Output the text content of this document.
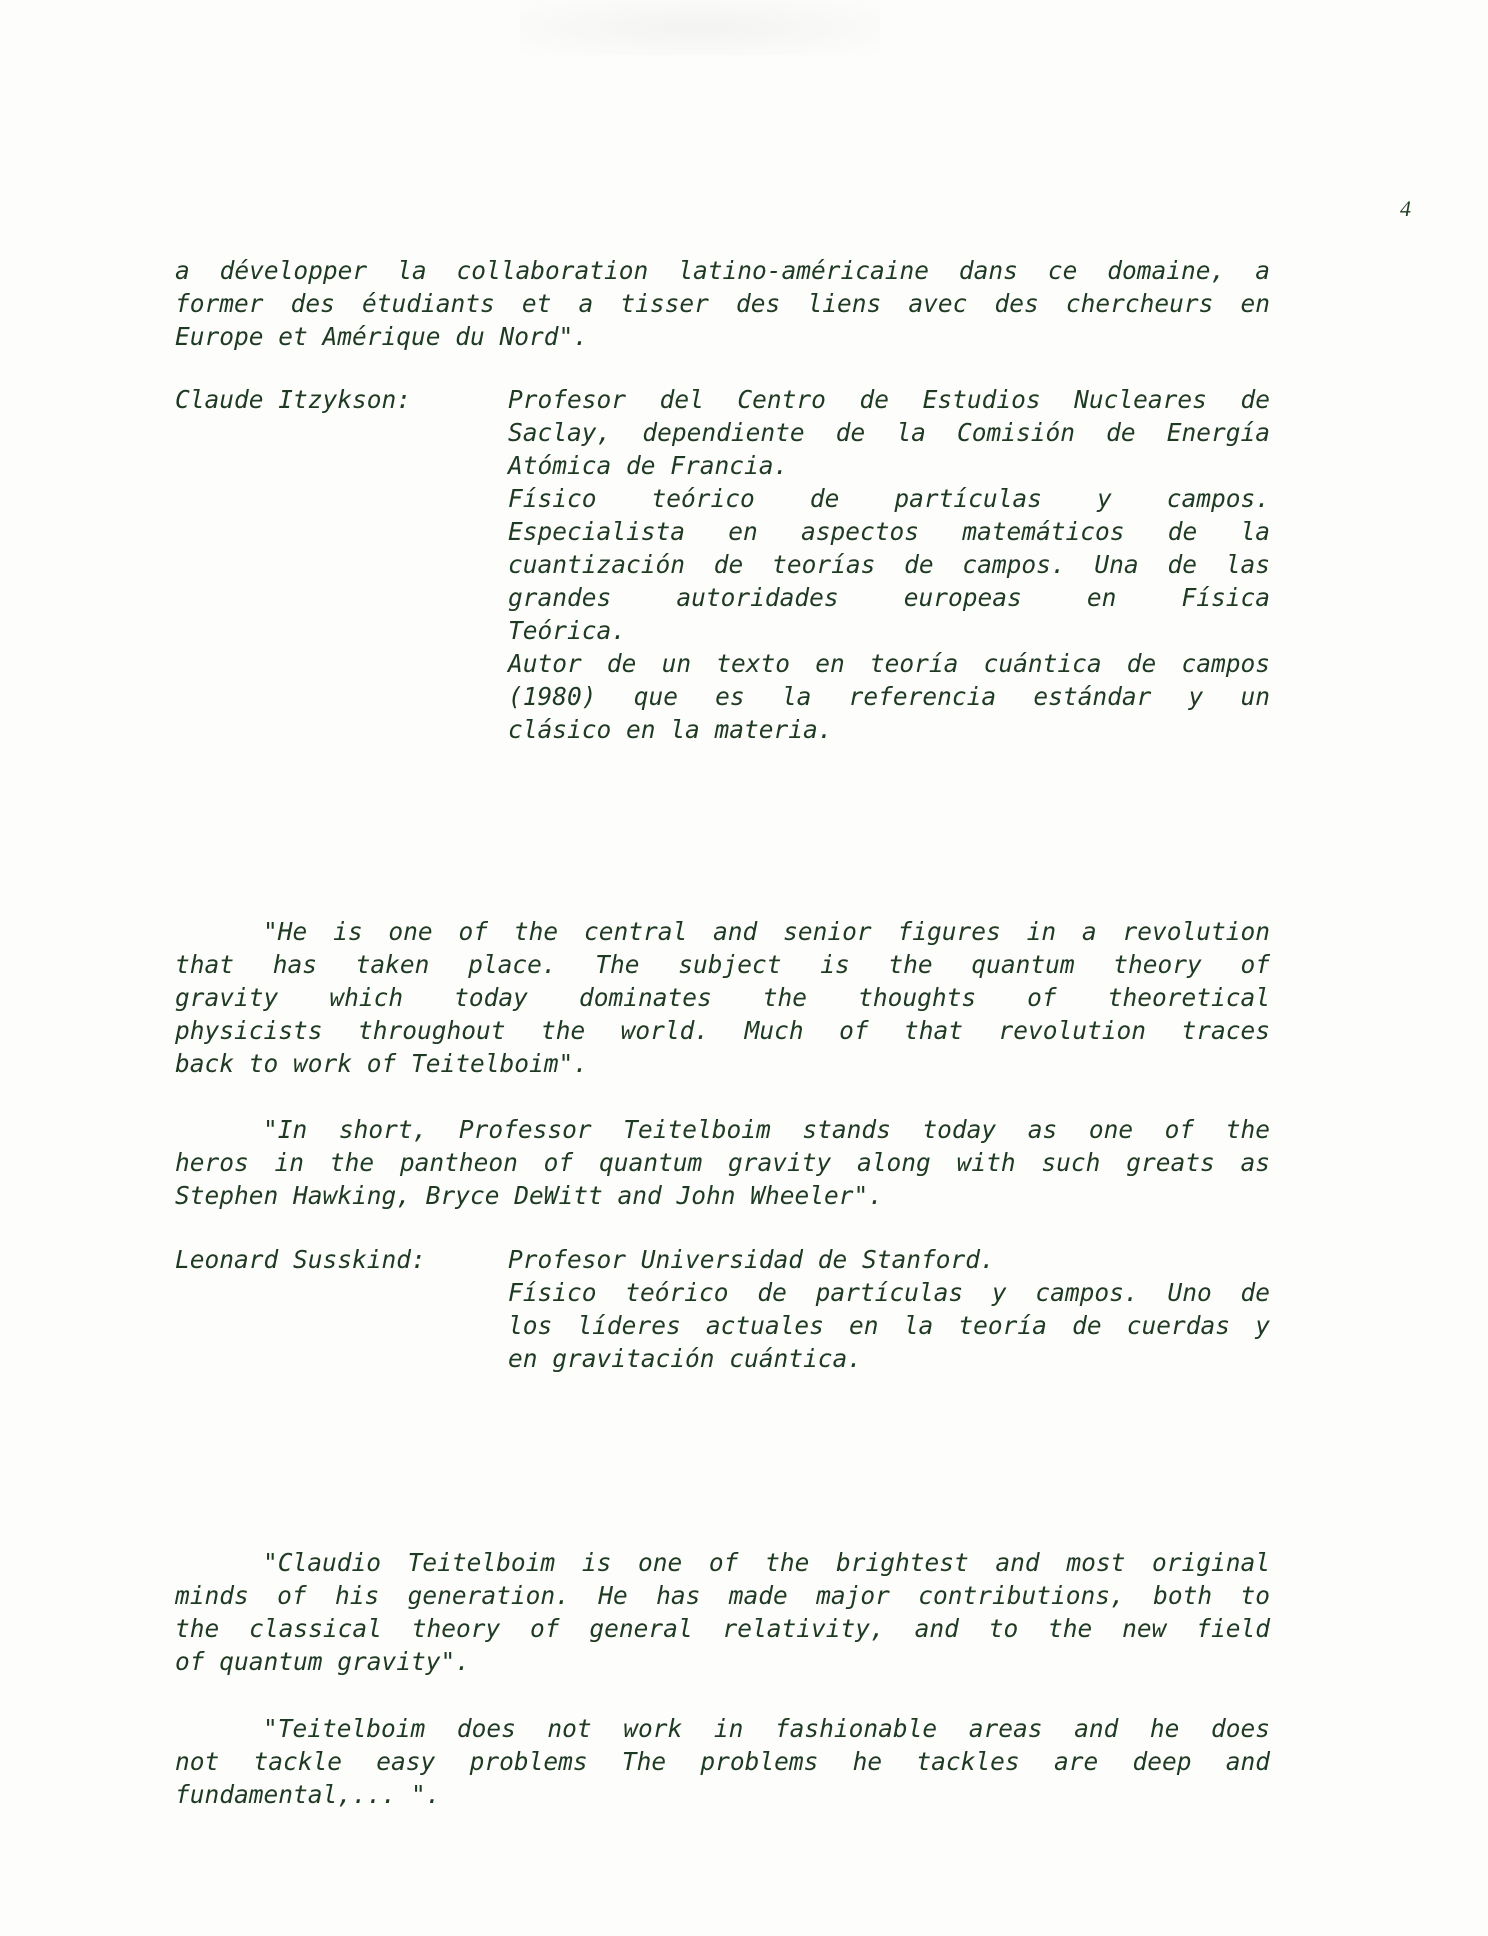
4
a développer la collaboration latino-américaine dans ce domaine, a
former des étudiants et a tisser des liens avec des chercheurs en
Europe et Amérique du Nord".
Claude Itzykson:	Profesor del Centro de Estudios Nucleares de
Saclay, dependiente de la Comisión de Energía
Atómica de Francia.
Físico teórico de partículas y campos.
Especialista en aspectos matemáticos de la
cuantización de teorías de campos. Una de las
grandes autoridades europeas en Física
Teórica.
Autor de un texto en teoría cuántica de campos
(1980) que es la referencia estándar y un
clásico en la materia.
"He is one of the central and senior figures in a revolution
that has taken place. The subject is the quantum theory of
gravity which today dominates the thoughts of theoretical
physicists throughout the world. Much of that revolution traces
back to work of Teitelboim".
"In short, Professor Teitelboim stands today as one of the
heros in the pantheon of quantum gravity along with such greats as
Stephen Hawking, Bryce DeWitt and John Wheeler".
Leonard Susskind:	Profesor Universidad de Stanford.
Físico teórico de partículas y campos. Uno de
los líderes actuales en la teoría de cuerdas y
en gravitación cuántica.
"Claudio Teitelboim is one of the brightest and most original
minds of his generation. He has made major contributions, both to
the classical theory of general relativity, and to the new field
of quantum gravity".
"Teitelboim does not work in fashionable areas and he does
not tackle easy problems The problems he tackles are deep and
fundamental,... ".
